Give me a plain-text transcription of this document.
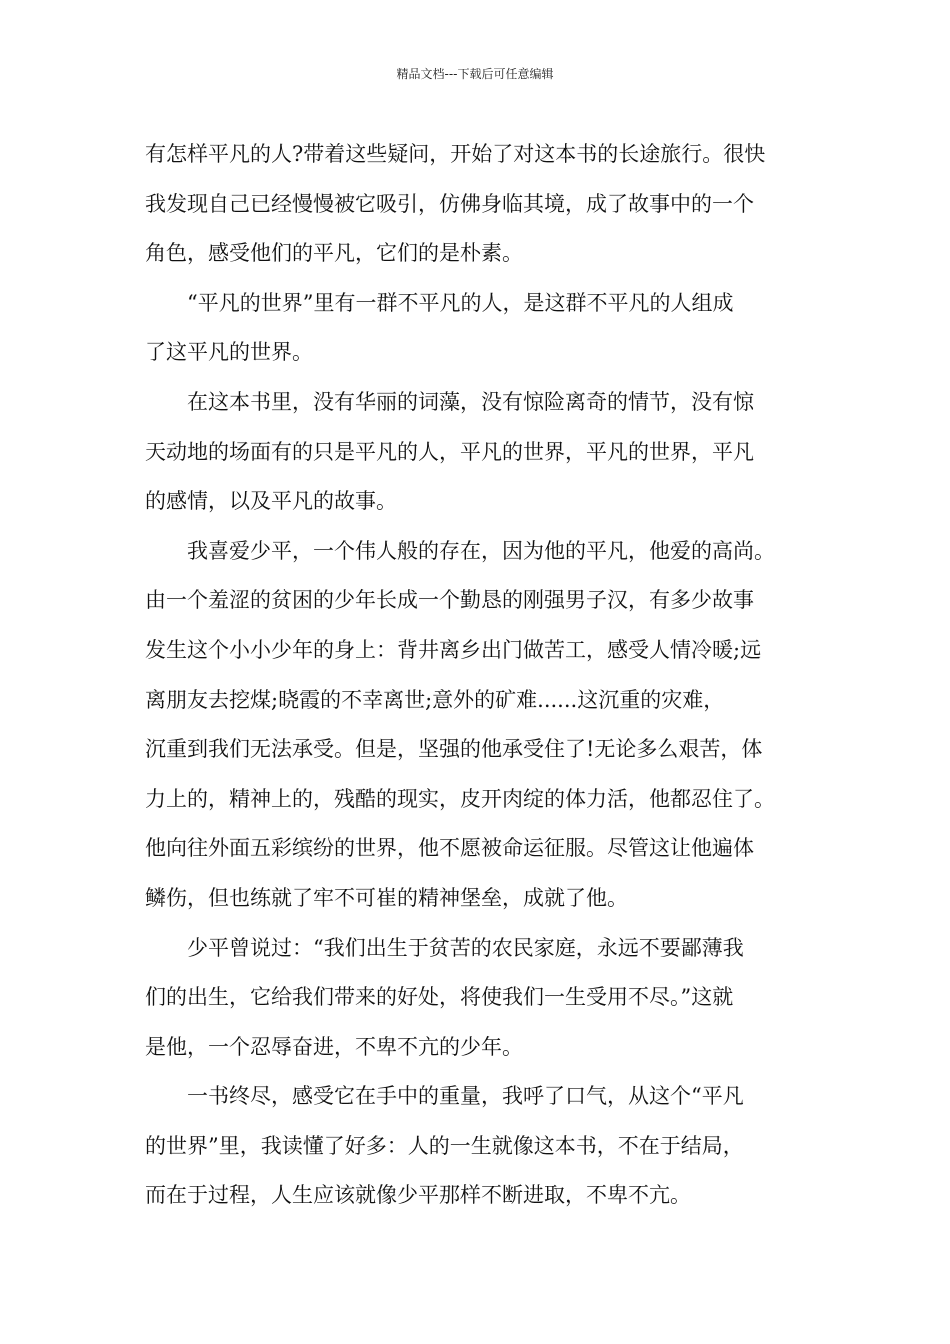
精品文档---下载后可任意编辑
有怎样平凡的人?带着这些疑问，开始了对这本书的长途旅行。很快
我发现自己已经慢慢被它吸引，仿佛身临其境，成了故事中的一个
角色，感受他们的平凡，它们的是朴素。
“平凡的世界”里有一群不平凡的人，是这群不平凡的人组成
了这平凡的世界。
在这本书里，没有华丽的词藻，没有惊险离奇的情节，没有惊
天动地的场面有的只是平凡的人，平凡的世界，平凡的世界，平凡
的感情，以及平凡的故事。
我喜爱少平，一个伟人般的存在，因为他的平凡，他爱的高尚。
由一个羞涩的贫困的少年长成一个勤恳的刚强男子汉，有多少故事
发生这个小小少年的身上：背井离乡出门做苦工，感受人情冷暖;远
离朋友去挖煤;晓霞的不幸离世;意外的矿难......这沉重的灾难，
沉重到我们无法承受。但是，坚强的他承受住了!无论多么艰苦，体
力上的，精神上的，残酷的现实，皮开肉绽的体力活，他都忍住了。
他向往外面五彩缤纷的世界，他不愿被命运征服。尽管这让他遍体
鳞伤，但也练就了牢不可崔的精神堡垒，成就了他。
少平曾说过：“我们出生于贫苦的农民家庭，永远不要鄙薄我
们的出生，它给我们带来的好处，将使我们一生受用不尽。”这就
是他，一个忍辱奋进，不卑不亢的少年。
一书终尽，感受它在手中的重量，我呼了口气，从这个“平凡
的世界”里，我读懂了好多：人的一生就像这本书，不在于结局，
而在于过程，人生应该就像少平那样不断进取，不卑不亢。
